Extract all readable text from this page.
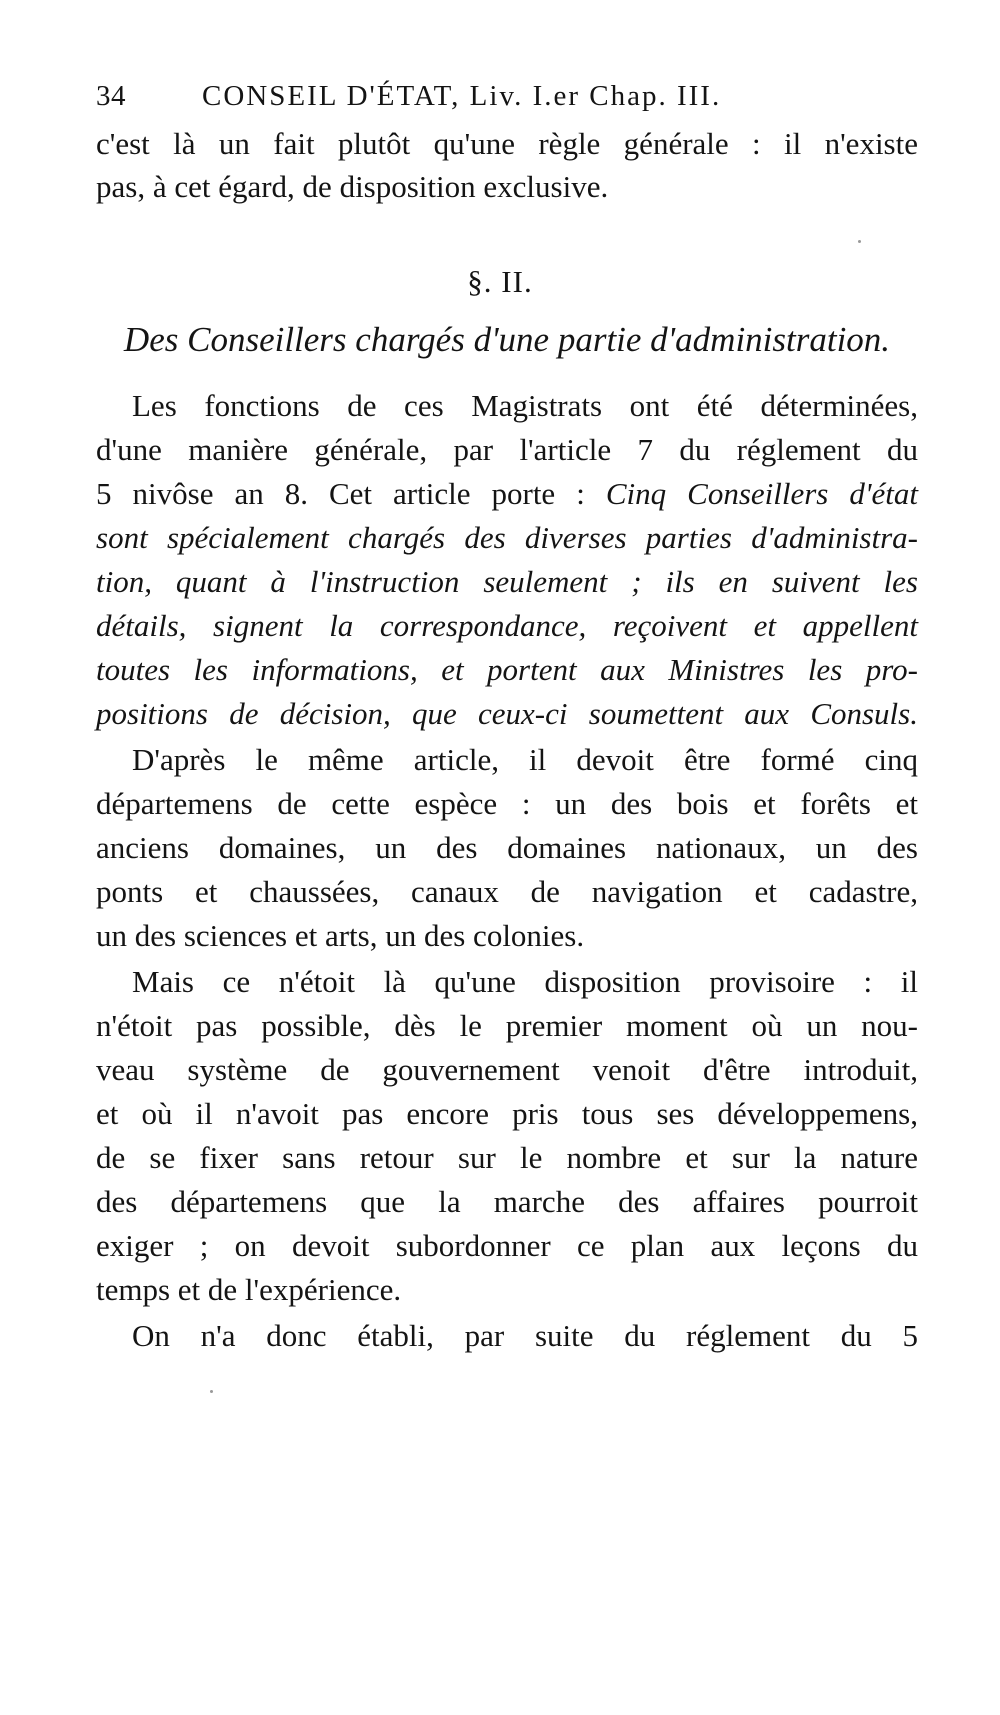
34	CONSEIL D'ÉTAT, Liv. I.er Chap. III.
c'est là un fait plutôt qu'une règle générale : il n'existe
pas, à cet égard, de disposition exclusive.
§. II.
Des Conseillers chargés d'une partie d'administration.
Les fonctions de ces Magistrats ont été déterminées,
d'une manière générale, par l'article 7 du réglement du
5 nivôse an 8. Cet article porte : Cinq Conseillers d'état
sont spécialement chargés des diverses parties d'administra-
tion, quant à l'instruction seulement ; ils en suivent les
détails, signent la correspondance, reçoivent et appellent
toutes les informations, et portent aux Ministres les pro-
positions de décision, que ceux-ci soumettent aux Consuls.
D'après le même article, il devoit être formé cinq
départemens de cette espèce : un des bois et forêts et
anciens domaines, un des domaines nationaux, un des
ponts et chaussées, canaux de navigation et cadastre,
un des sciences et arts, un des colonies.
Mais ce n'étoit là qu'une disposition provisoire : il
n'étoit pas possible, dès le premier moment où un nou-
veau système de gouvernement venoit d'être introduit,
et où il n'avoit pas encore pris tous ses développemens,
de se fixer sans retour sur le nombre et sur la nature
des départemens que la marche des affaires pourroit
exiger ; on devoit subordonner ce plan aux leçons du
temps et de l'expérience.
On n'a donc établi, par suite du réglement du 5
